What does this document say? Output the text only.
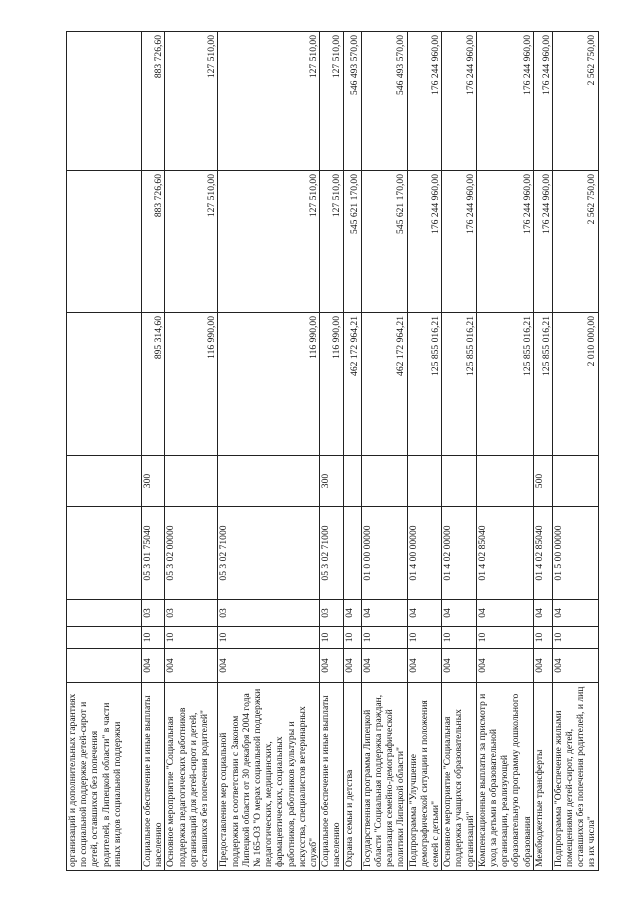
организаций и дополнительных гарантиях по социальной поддержке детей-сирот и детей, оставшихся без попечения родителей, в Липецкой области" в части иных видов социальной поддержки								
Социальное обеспечение и иные выплаты населению	004	10	03	05 3 01 75040	300	895 314,60	883 726,60	883 726,60
Основное мероприятие "Социальная поддержка педагогических работников организаций для детей-сирот и детей, оставшихся без попечения родителей"	004	10	03	05 3 02 00000		116 990,00	127 510,00	127 510,00
Предоставление мер социальной поддержки в соответствии с Законом Липецкой области от 30 декабря 2004 года № 165-ОЗ "О мерах социальной поддержки педагогических, медицинских, фармацевтических, социальных работников, работников культуры и искусства, специалистов ветеринарных служб"	004	10	03	05 3 02 71000		116 990,00	127 510,00	127 510,00
Социальное обеспечение и иные выплаты населению	004	10	03	05 3 02 71000	300	116 990,00	127 510,00	127 510,00
Охрана семьи и детства	004	10	04			462 172 964,21	545 621 170,00	546 493 570,00
Государственная программа Липецкой области "Социальная поддержка граждан, реализация семейно-демографической политики Липецкой области"	004	10	04	01 0 00 00000		462 172 964,21	545 621 170,00	546 493 570,00
Подпрограмма "Улучшение демографической ситуации и положения семей с детьми"	004	10	04	01 4 00 00000		125 855 016,21	176 244 960,00	176 244 960,00
Основное мероприятие "Социальная поддержка учащихся образовательных организаций"	004	10	04	01 4 02 00000		125 855 016,21	176 244 960,00	176 244 960,00
Компенсационные выплаты за присмотр и уход за детьми в образовательной организации, реализующей образовательную программу дошкольного образования	004	10	04	01 4 02 85040		125 855 016,21	176 244 960,00	176 244 960,00
Межбюджетные трансферты	004	10	04	01 4 02 85040	500	125 855 016,21	176 244 960,00	176 244 960,00
Подпрограмма "Обеспечение жилыми помещениями детей-сирот, детей, оставшихся без попечения родителей, и лиц из их числа"	004	10	04	01 5 00 00000		2 010 000,00	2 562 750,00	2 562 750,00
